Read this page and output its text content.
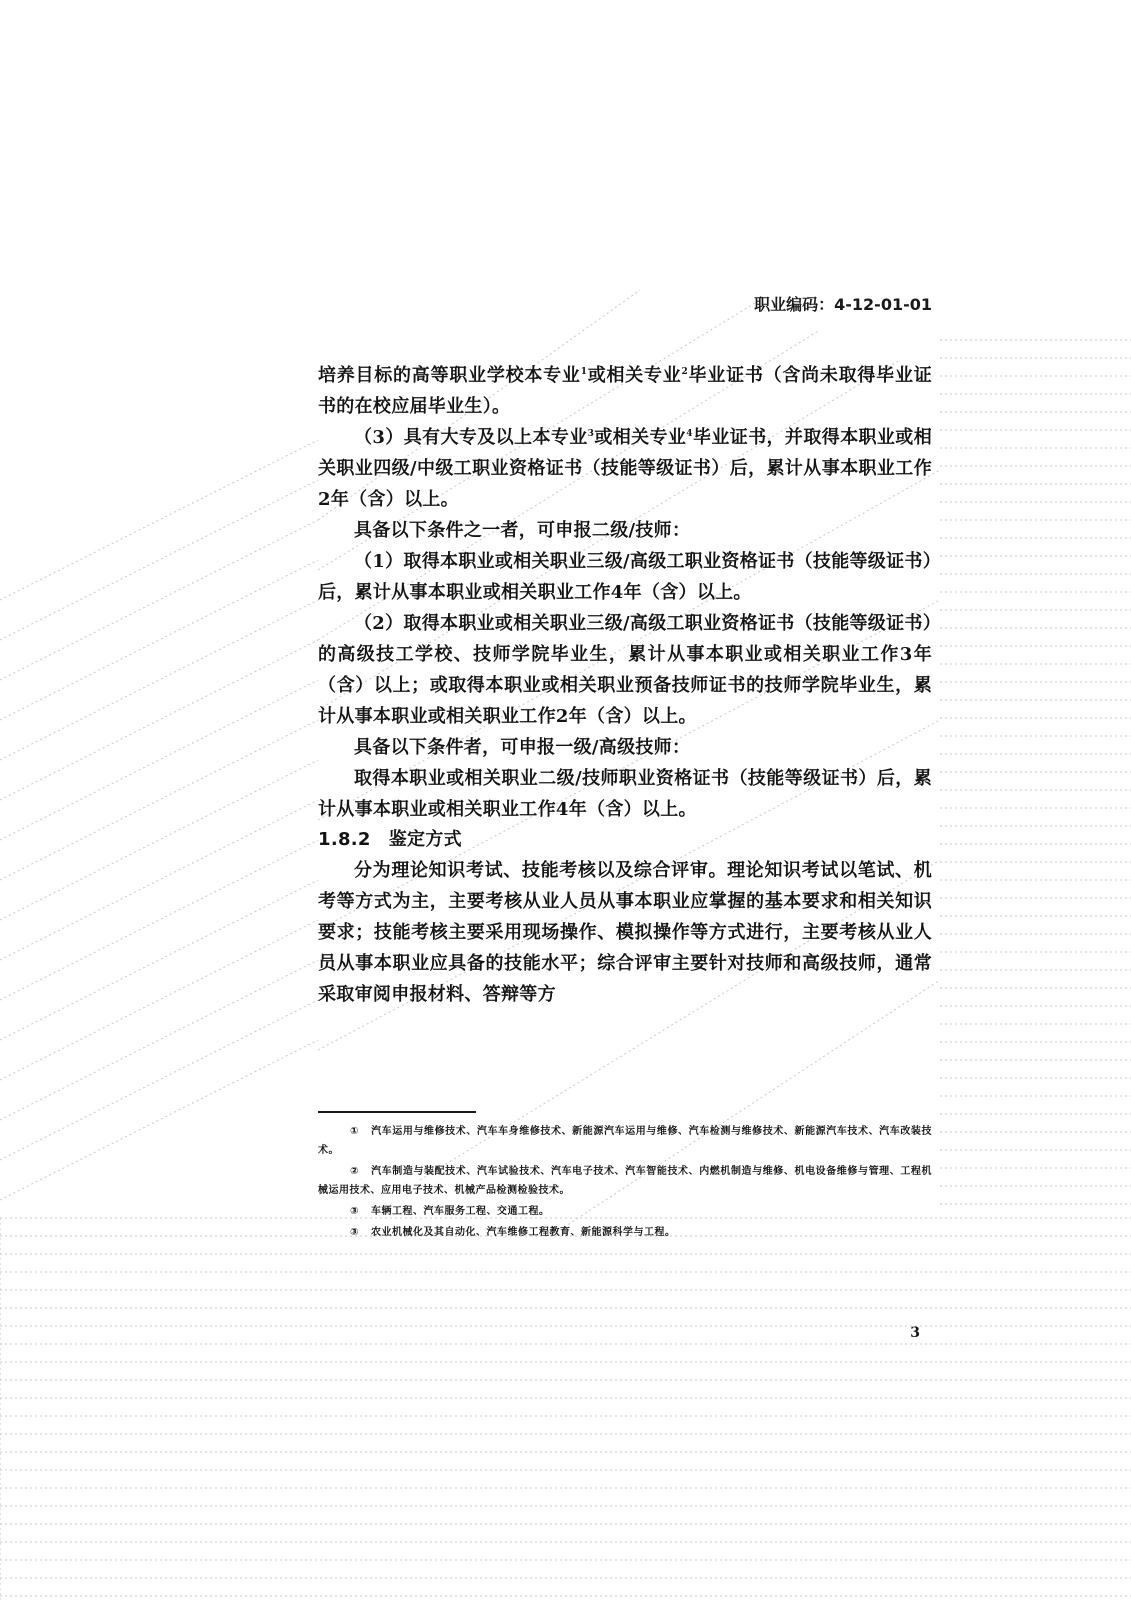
职业编码：4-12-01-01

培养目标的高等职业学校本专业$^1$或相关专业$^2$毕业证书（含尚未取得毕业证书的在校应届毕业生）。

（3）具有大专及以上本专业$^3$或相关专业$^4$毕业证书，并取得本职业或相关职业四级/中级工职业资格证书（技能等级证书）后，累计从事本职业工作2年（含）以上。

具备以下条件之一者，可申报二级/技师：

（1）取得本职业或相关职业三级/高级工职业资格证书（技能等级证书）后，累计从事本职业或相关职业工作4年（含）以上。

（2）取得本职业或相关职业三级/高级工职业资格证书（技能等级证书）的高级技工学校、技师学院毕业生，累计从事本职业或相关职业工作3年（含）以上；或取得本职业或相关职业预备技师证书的技师学院毕业生，累计从事本职业或相关职业工作2年（含）以上。

具备以下条件者，可申报一级/高级技师：

取得本职业或相关职业二级/技师职业资格证书（技能等级证书）后，累计从事本职业或相关职业工作4年（含）以上。

1.8.2 鉴定方式

分为理论知识考试、技能考核以及综合评审。理论知识考试以笔试、机考等方式为主，主要考核从业人员从事本职业应掌握的基本要求和相关知识要求；技能考核主要采用现场操作、模拟操作等方式进行，主要考核从业人员从事本职业应具备的技能水平；综合评审主要针对技师和高级技师，通常采取审阅申报材料、答辩等方

① 汽车运用与维修技术、汽车车身维修技术、新能源汽车运用与维修、汽车检测与维修技术、新能源汽车技术、汽车改装技术。

② 汽车制造与装配技术、汽车试验技术、汽车电子技术、汽车智能技术、内燃机制造与维修、机电设备维修与管理、工程机械运用技术、应用电子技术、机械产品检测检验技术。

③ 车辆工程、汽车服务工程、交通工程。

③ 农业机械化及其自动化、汽车维修工程教育、新能源科学与工程。

3
